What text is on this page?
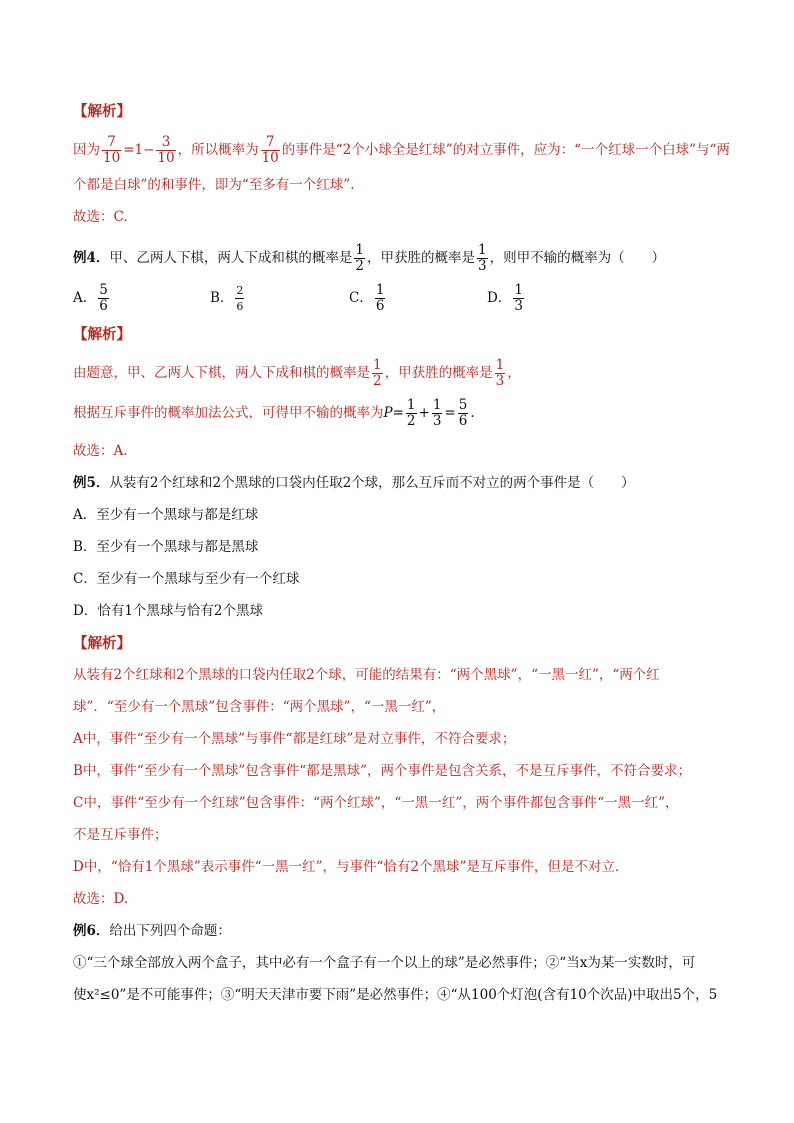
【解析】
因为 $\frac{7}{10} =1- \frac{3}{10}$ ，所以概率为 $\frac{7}{10}$ 的事件是“2个小球全是红球”的对立事件，应为：“一个红球一个白球”与“两
个都是白球”的和事件，即为“至多有一个红球”.
故选：C.
例4．甲、乙两人下棋，两人下成和棋的概率是 $\frac{1}{2}$ ，甲获胜的概率是 $\frac{1}{3}$ ，则甲不输的概率为（　　）
A． $\frac{5}{6}$	B． $\frac{2}{6}$	C． $\frac{1}{6}$	D． $\frac{1}{3}$
【解析】
由题意，甲、乙两人下棋，两人下成和棋的概率是 $\frac{1}{2}$ ，甲获胜的概率是 $\frac{1}{3}$ ，
根据互斥事件的概率加法公式，可得甲不输的概率为$P= \frac{1}{2} + \frac{1}{3} = \frac{5}{6}$ .
故选：A.
例5．从装有2个红球和2个黑球的口袋内任取2个球，那么互斥而不对立的两个事件是（　　）
A．至少有一个黑球与都是红球
B．至少有一个黑球与都是黑球
C．至少有一个黑球与至少有一个红球
D．恰有1个黑球与恰有2个黑球
【解析】
从装有2个红球和2个黑球的口袋内任取2个球，可能的结果有：“两个黑球”，“一黑一红”，“两个红
球”．“至少有一个黑球”包含事件：“两个黑球”，“一黑一红”，
A中，事件“至少有一个黑球”与事件“都是红球”是对立事件，不符合要求；
B中，事件“至少有一个黑球”包含事件“都是黑球”，两个事件是包含关系，不是互斥事件，不符合要求；
C中，事件“至少有一个红球”包含事件：“两个红球”，“一黑一红”，两个事件都包含事件“一黑一红”，
不是互斥事件；
D中，“恰有1个黑球”表示事件“一黑一红”，与事件“恰有2个黑球”是互斥事件，但是不对立．
故选：D.
例6．给出下列四个命题：
①“三个球全部放入两个盒子，其中必有一个盒子有一个以上的球”是必然事件；②“当x为某一实数时，可
使x²≤0”是不可能事件；③“明天天津市要下雨”是必然事件；④“从100个灯泡(含有10个次品)中取出5个，5
